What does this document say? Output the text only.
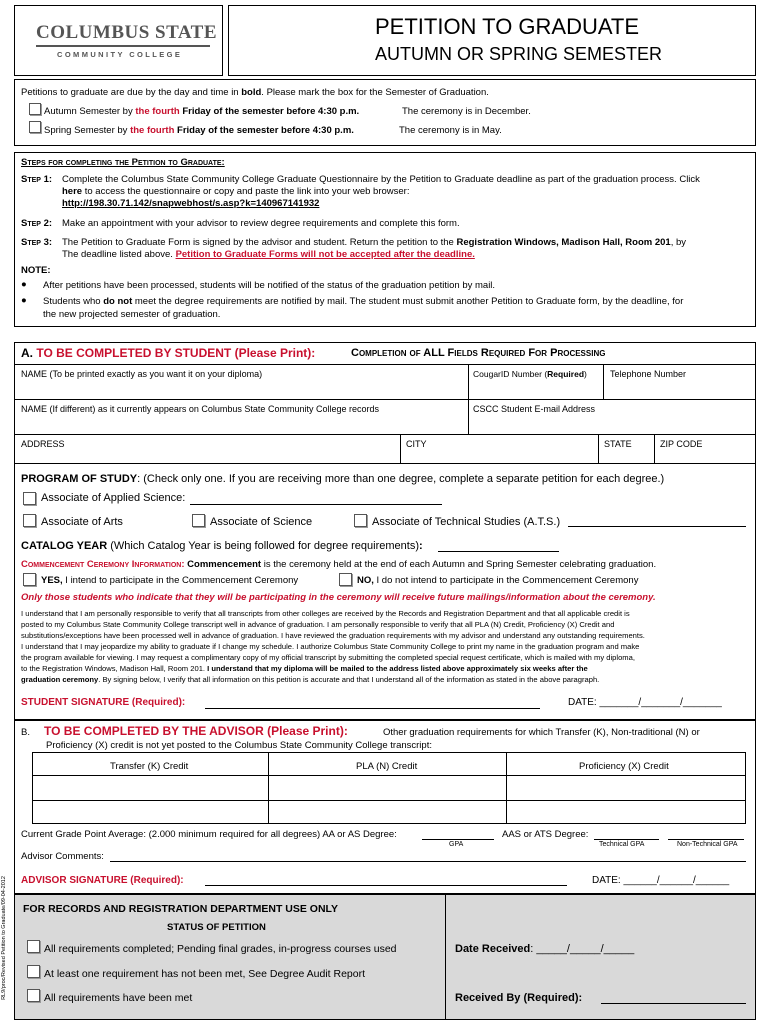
COLUMBUS STATE
COMMUNITY COLLEGE
PETITION TO GRADUATE
AUTUMN OR SPRING SEMESTER
Petitions to graduate are due by the day and time in bold. Please mark the box for the Semester of Graduation.
Autumn Semester by the fourth Friday of the semester before 4:30 p.m.	The ceremony is in December.
Spring Semester by the fourth Friday of the semester before 4:30 p.m.	The ceremony is in May.
Steps for completing the Petition to Graduate:
Step 1: Complete the Columbus State Community College Graduate Questionnaire by the Petition to Graduate deadline as part of the graduation process. Click
here to access the questionnaire or copy and paste the link into your web browser:
http://198.30.71.142/snapwebhost/s.asp?k=140967141932
Step 2: Make an appointment with your advisor to review degree requirements and complete this form.
Step 3: The Petition to Graduate Form is signed by the advisor and student. Return the petition to the Registration Windows, Madison Hall, Room 201, by
The deadline listed above. Petition to Graduate Forms will not be accepted after the deadline.
NOTE:
● After petitions have been processed, students will be notified of the status of the graduation petition by mail.
● Students who do not meet the degree requirements are notified by mail. The student must submit another Petition to Graduate form, by the deadline, for
the new projected semester of graduation.
A. TO BE COMPLETED BY STUDENT (Please Print):	Completion of ALL Fields Required For Processing
NAME (To be printed exactly as you want it on your diploma)	CougarID Number (Required)	Telephone Number
NAME (If different) as it currently appears on Columbus State Community College records	CSCC Student E-mail Address
ADDRESS	CITY	STATE	ZIP CODE
PROGRAM OF STUDY: (Check only one. If you are receiving more than one degree, complete a separate petition for each degree.)
Associate of Applied Science:
Associate of Arts	Associate of Science	Associate of Technical Studies (A.T.S.)
CATALOG YEAR (Which Catalog Year is being followed for degree requirements):
Commencement Ceremony Information: Commencement is the ceremony held at the end of each Autumn and Spring Semester celebrating graduation.
YES, I intend to participate in the Commencement Ceremony	NO, I do not intend to participate in the Commencement Ceremony
Only those students who indicate that they will be participating in the ceremony will receive future mailings/information about the ceremony.
I understand that I am personally responsible to verify that all transcripts from other colleges are received by the Records and Registration Department and that all applicable credit is
posted to my Columbus State Community College transcript well in advance of graduation. I am personally responsible to verify that all PLA (N) Credit, Proficiency (X) Credit and
substitutions/exceptions have been processed well in advance of graduation. I have reviewed the graduation requirements with my advisor and understand any outstanding requirements.
I understand that I may jeopardize my ability to graduate if I change my schedule. I authorize Columbus State Community College to print my name in the graduation program and make
the program available for viewing. I may request a complimentary copy of my official transcript by submitting the completed special request certificate, which is mailed with my diploma,
to the Registration Windows, Madison Hall, Room 201. I understand that my diploma will be mailed to the address listed above approximately six weeks after the
graduation ceremony. By signing below, I verify that all information on this petition is accurate and that I understand all of the information as stated in the above paragraph.
STUDENT SIGNATURE (Required):	DATE: _______/_______/_______
B. TO BE COMPLETED BY THE ADVISOR (Please Print):	Other graduation requirements for which Transfer (K), Non-traditional (N) or
Proficiency (X) credit is not yet posted to the Columbus State Community College transcript:
Transfer (K) Credit	PLA (N) Credit	Proficiency (X) Credit
Current Grade Point Average: (2.000 minimum required for all degrees) AA or AS Degree:	AAS or ATS Degree:
GPA	Technical GPA	Non-Technical GPA
Advisor Comments:
ADVISOR SIGNATURE (Required):	DATE: ______/______/______
FOR RECORDS AND REGISTRATION DEPARTMENT USE ONLY
STATUS OF PETITION
All requirements completed; Pending final grades, in-progress courses used
At least one requirement has not been met, See Degree Audit Report
All requirements have been met
Date Received: _____/_____/_____
Received By (Required):
RL9/proc/Revised Petition to Graduate/09-04-2012
